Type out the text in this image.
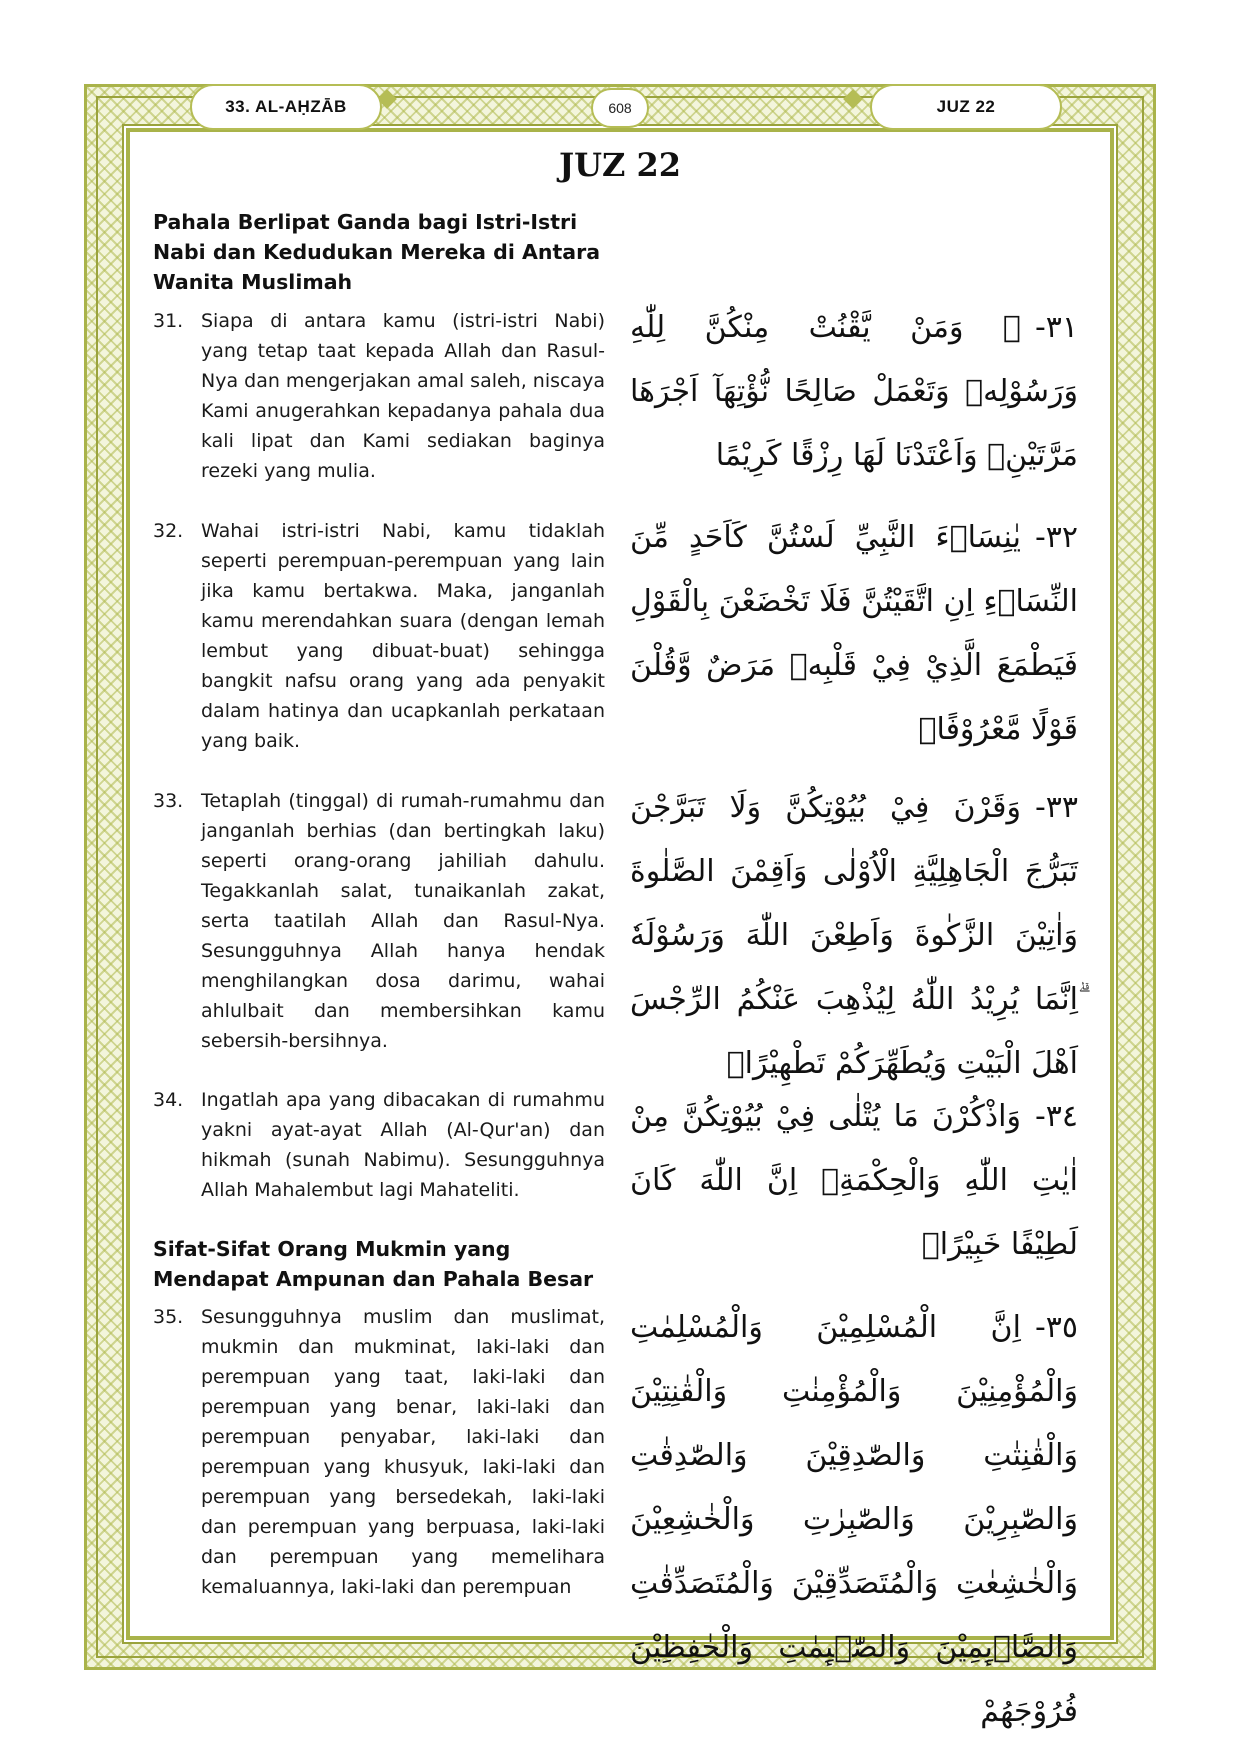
33. AL-AḤZĀB	608	JUZ 22
JUZ 22
Pahala Berlipat Ganda bagi Istri-Istri Nabi dan Kedudukan Mereka di Antara Wanita Muslimah
31. Siapa di antara kamu (istri-istri Nabi) yang tetap taat kepada Allah dan Rasul-Nya dan mengerjakan amal saleh, niscaya Kami anugerahkan kepadanya pahala dua kali lipat dan Kami sediakan baginya rezeki yang mulia.
٣١-۞ وَمَنْ يَّقْنُتْ مِنْكُنَّ لِلّٰهِ وَرَسُوْلِهٖ وَتَعْمَلْ صَالِحًا نُّؤْتِهَآ اَجْرَهَا مَرَّتَيْنِۙ وَاَعْتَدْنَا لَهَا رِزْقًا كَرِيْمًا
32. Wahai istri-istri Nabi, kamu tidaklah seperti perempuan-perempuan yang lain jika kamu bertakwa. Maka, janganlah kamu merendahkan suara (dengan lemah lembut yang dibuat-buat) sehingga bangkit nafsu orang yang ada penyakit dalam hatinya dan ucapkanlah perkataan yang baik.
٣٢-يٰنِسَاۤءَ النَّبِيِّ لَسْتُنَّ كَاَحَدٍ مِّنَ النِّسَاۤءِ اِنِ اتَّقَيْتُنَّ فَلَا تَخْضَعْنَ بِالْقَوْلِ فَيَطْمَعَ الَّذِيْ فِيْ قَلْبِهٖ مَرَضٌ وَّقُلْنَ قَوْلًا مَّعْرُوْفًاۚ
33. Tetaplah (tinggal) di rumah-rumahmu dan janganlah berhias (dan bertingkah laku) seperti orang-orang jahiliah dahulu. Tegakkanlah salat, tunaikanlah zakat, serta taatilah Allah dan Rasul-Nya. Sesungguhnya Allah hanya hendak menghilangkan dosa darimu, wahai ahlulbait dan membersihkan kamu sebersih-bersihnya.
٣٣-وَقَرْنَ فِيْ بُيُوْتِكُنَّ وَلَا تَبَرَّجْنَ تَبَرُّجَ الْجَاهِلِيَّةِ الْاُوْلٰى وَاَقِمْنَ الصَّلٰوةَ وَاٰتِيْنَ الزَّكٰوةَ وَاَطِعْنَ اللّٰهَ وَرَسُوْلَهٗ ۗاِنَّمَا يُرِيْدُ اللّٰهُ لِيُذْهِبَ عَنْكُمُ الرِّجْسَ اَهْلَ الْبَيْتِ وَيُطَهِّرَكُمْ تَطْهِيْرًاۚ
34. Ingatlah apa yang dibacakan di rumahmu yakni ayat-ayat Allah (Al-Qur'an) dan hikmah (sunah Nabimu). Sesungguhnya Allah Mahalembut lagi Mahateliti.
٣٤-وَاذْكُرْنَ مَا يُتْلٰى فِيْ بُيُوْتِكُنَّ مِنْ اٰيٰتِ اللّٰهِ وَالْحِكْمَةِۗ اِنَّ اللّٰهَ كَانَ لَطِيْفًا خَبِيْرًاࣖ
Sifat-Sifat Orang Mukmin yang Mendapat Ampunan dan Pahala Besar
35. Sesungguhnya muslim dan muslimat, mukmin dan mukminat, laki-laki dan perempuan yang taat, laki-laki dan perempuan yang benar, laki-laki dan perempuan penyabar, laki-laki dan perempuan yang khusyuk, laki-laki dan perempuan yang bersedekah, laki-laki dan perempuan yang berpuasa, laki-laki dan perempuan yang memelihara kemaluannya, laki-laki dan perempuan
٣٥-اِنَّ الْمُسْلِمِيْنَ وَالْمُسْلِمٰتِ وَالْمُؤْمِنِيْنَ وَالْمُؤْمِنٰتِ وَالْقٰنِتِيْنَ وَالْقٰنِتٰتِ وَالصّٰدِقِيْنَ وَالصّٰدِقٰتِ وَالصّٰبِرِيْنَ وَالصّٰبِرٰتِ وَالْخٰشِعِيْنَ وَالْخٰشِعٰتِ وَالْمُتَصَدِّقِيْنَ وَالْمُتَصَدِّقٰتِ وَالصَّاۤىِٕمِيْنَ وَالصّٰۤىِٕمٰتِ وَالْحٰفِظِيْنَ فُرُوْجَهُمْ
